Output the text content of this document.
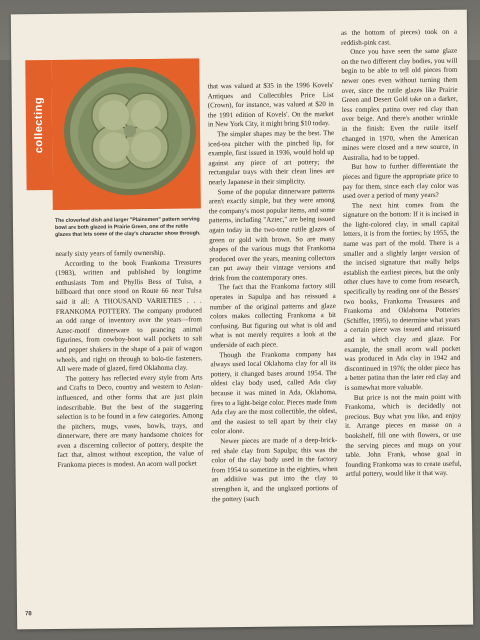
collecting
The cloverleaf dish and larger "Plainsmen" pattern serving bowl are both glazed in Prairie Green, one of the rutile glazes that lets some of the clay's character show through.

nearly sixty years of family ownership.

According to the book Frankoma Treasures (1983), written and published by longtime enthusiasts Tom and Phyllis Bess of Tulsa, a billboard that once stood on Route 66 near Tulsa said it all: A THOUSAND VARIETIES . . . FRANKOMA POTTERY. The company produced an odd range of inventory over the years—from Aztec-motif dinnerware to prancing animal figurines, from cowboy-boot wall pockets to salt and pepper shakers in the shape of a pair of wagon wheels, and right on through to bolo-tie fasteners. All were made of glazed, fired Oklahoma clay.

The pottery has reflected every style from Arts and Crafts to Deco, country and western to Asian-influenced, and other forms that are just plain indescribable. But the best of the staggering selection is to be found in a few categories. Among the pitchers, mugs, vases, bowls, trays, and dinnerware, there are many handsome choices for even a discerning collector of pottery, despite the fact that, almost without exception, the value of Frankoma pieces is modest. An acorn wall pocket

that was valued at $35 in the 1996 Kovels' Antiques and Collectibles Price List (Crown), for instance, was valued at $20 in the 1991 edition of Kovels'. On the market in New York City, it might bring $10 today.

The simpler shapes may be the best. The iced-tea pitcher with the pinched lip, for example, first issued in 1936, would hold up against any piece of art pottery; the rectangular trays with their clean lines are nearly Japanese in their simplicity.

Some of the popular dinnerware patterns aren't exactly simple, but they were among the company's most popular items, and some patterns, including "Aztec," are being issued again today in the two-tone rutile glazes of green or gold with brown. So are many shapes of the various mugs that Frankoma produced over the years, meaning collectors can put away their vintage versions and drink from the contemporary ones.

The fact that the Frankoma factory still operates in Sapulpa and has reissued a number of the original patterns and glaze colors makes collecting Frankoma a bit confusing. But figuring out what is old and what is not merely requires a look at the underside of each piece.

Though the Frankoma company has always used local Oklahoma clay for all its pottery, it changed bases around 1954. The oldest clay body used, called Ada clay because it was mined in Ada, Oklahoma, fires to a light-beige color. Pieces made from Ada clay are the most collectible, the oldest, and the easiest to tell apart by their clay color alone.

Newer pieces are made of a deep-brick-red shale clay from Sapulpa; this was the color of the clay body used in the factory from 1954 to sometime in the eighties, when an additive was put into the clay to strengthen it, and the unglazed portions of the pottery (such

as the bottom of pieces) took on a reddish-pink cast.

Once you have seen the same glaze on the two different clay bodies, you will begin to be able to tell old pieces from newer ones even without turning them over, since the rutile glazes like Prairie Green and Desert Gold take on a darker, less complex patina over red clay than over beige. And there's another wrinkle in the finish: Even the rutile itself changed in 1970, when the American mines were closed and a new source, in Australia, had to be tapped.

But how to further differentiate the pieces and figure the appropriate price to pay for them, since each clay color was used over a period of many years?

The next hint comes from the signature on the bottom: If it is incised in the light-colored clay, in small capital letters, it is from the forties; by 1955, the name was part of the mold. There is a smaller and a slightly larger version of the incised signature that really helps establish the earliest pieces, but the only other clues have to come from research, specifically by reading one of the Besses' two books, Frankoma Treasures and Frankoma and Oklahoma Potteries (Schiffer, 1995), to determine what years a certain piece was issued and reissued and in which clay and glaze. For example, the small acorn wall pocket was produced in Ada clay in 1942 and discontinued in 1976; the older piece has a better patina than the later red clay and is somewhat more valuable.

But price is not the main point with Frankoma, which is decidedly not precious. Buy what you like, and enjoy it. Arrange pieces en masse on a bookshelf, fill one with flowers, or use the serving pieces and mugs on your table. John Frank, whose goal in founding Frankoma was to create useful, artful pottery, would like it that way.

78
